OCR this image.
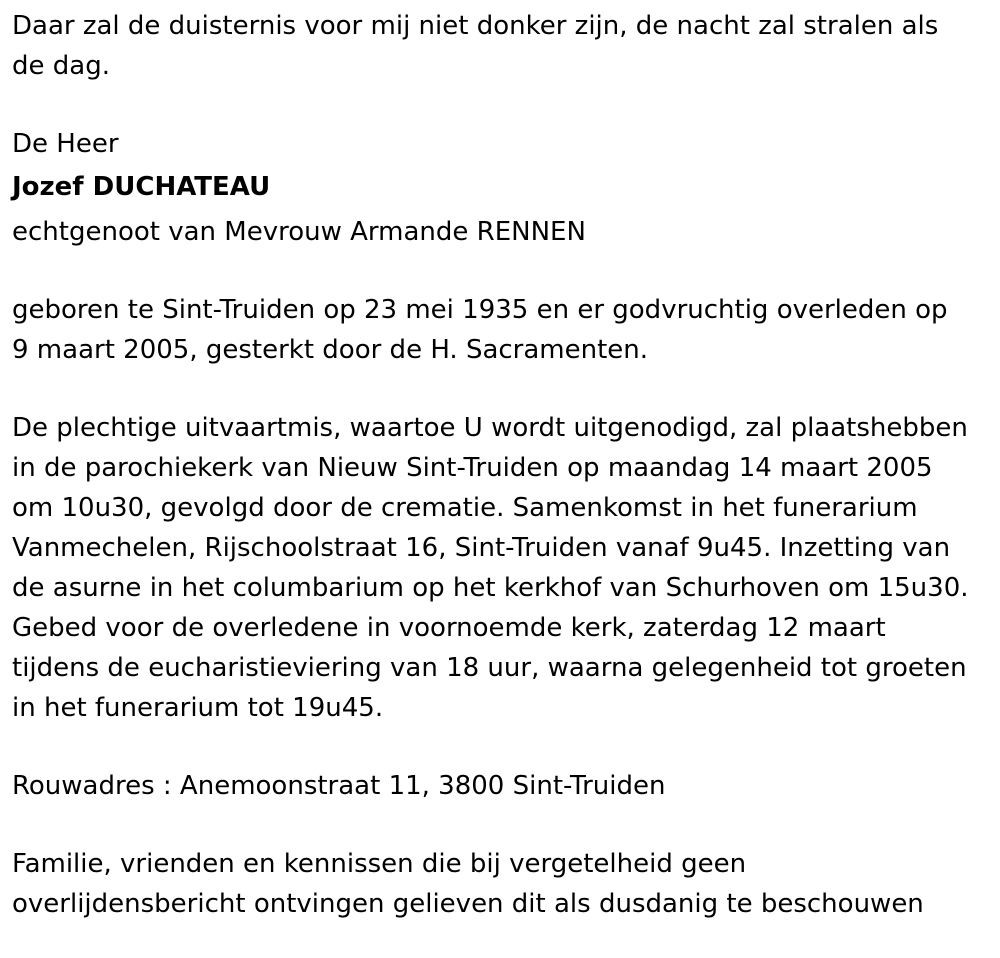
Daar zal de duisternis voor mij niet donker zijn, de nacht zal stralen als

de dag.

De Heer

Jozef DUCHATEAU

echtgenoot van Mevrouw Armande RENNEN

geboren te Sint-Truiden op 23 mei 1935 en er godvruchtig overleden op

9 maart 2005, gesterkt door de H. Sacramenten.

De plechtige uitvaartmis, waartoe U wordt uitgenodigd, zal plaatshebben

in de parochiekerk van Nieuw Sint-Truiden op maandag 14 maart 2005

om 10u30, gevolgd door de crematie. Samenkomst in het funerarium

Vanmechelen, Rijschoolstraat 16, Sint-Truiden vanaf 9u45. Inzetting van

de asurne in het columbarium op het kerkhof van Schurhoven om 15u30.

Gebed voor de overledene in voornoemde kerk, zaterdag 12 maart

tijdens de eucharistieviering van 18 uur, waarna gelegenheid tot groeten

in het funerarium tot 19u45.

Rouwadres : Anemoonstraat 11, 3800 Sint-Truiden

Familie, vrienden en kennissen die bij vergetelheid geen

overlijdensbericht ontvingen gelieven dit als dusdanig te beschouwen
